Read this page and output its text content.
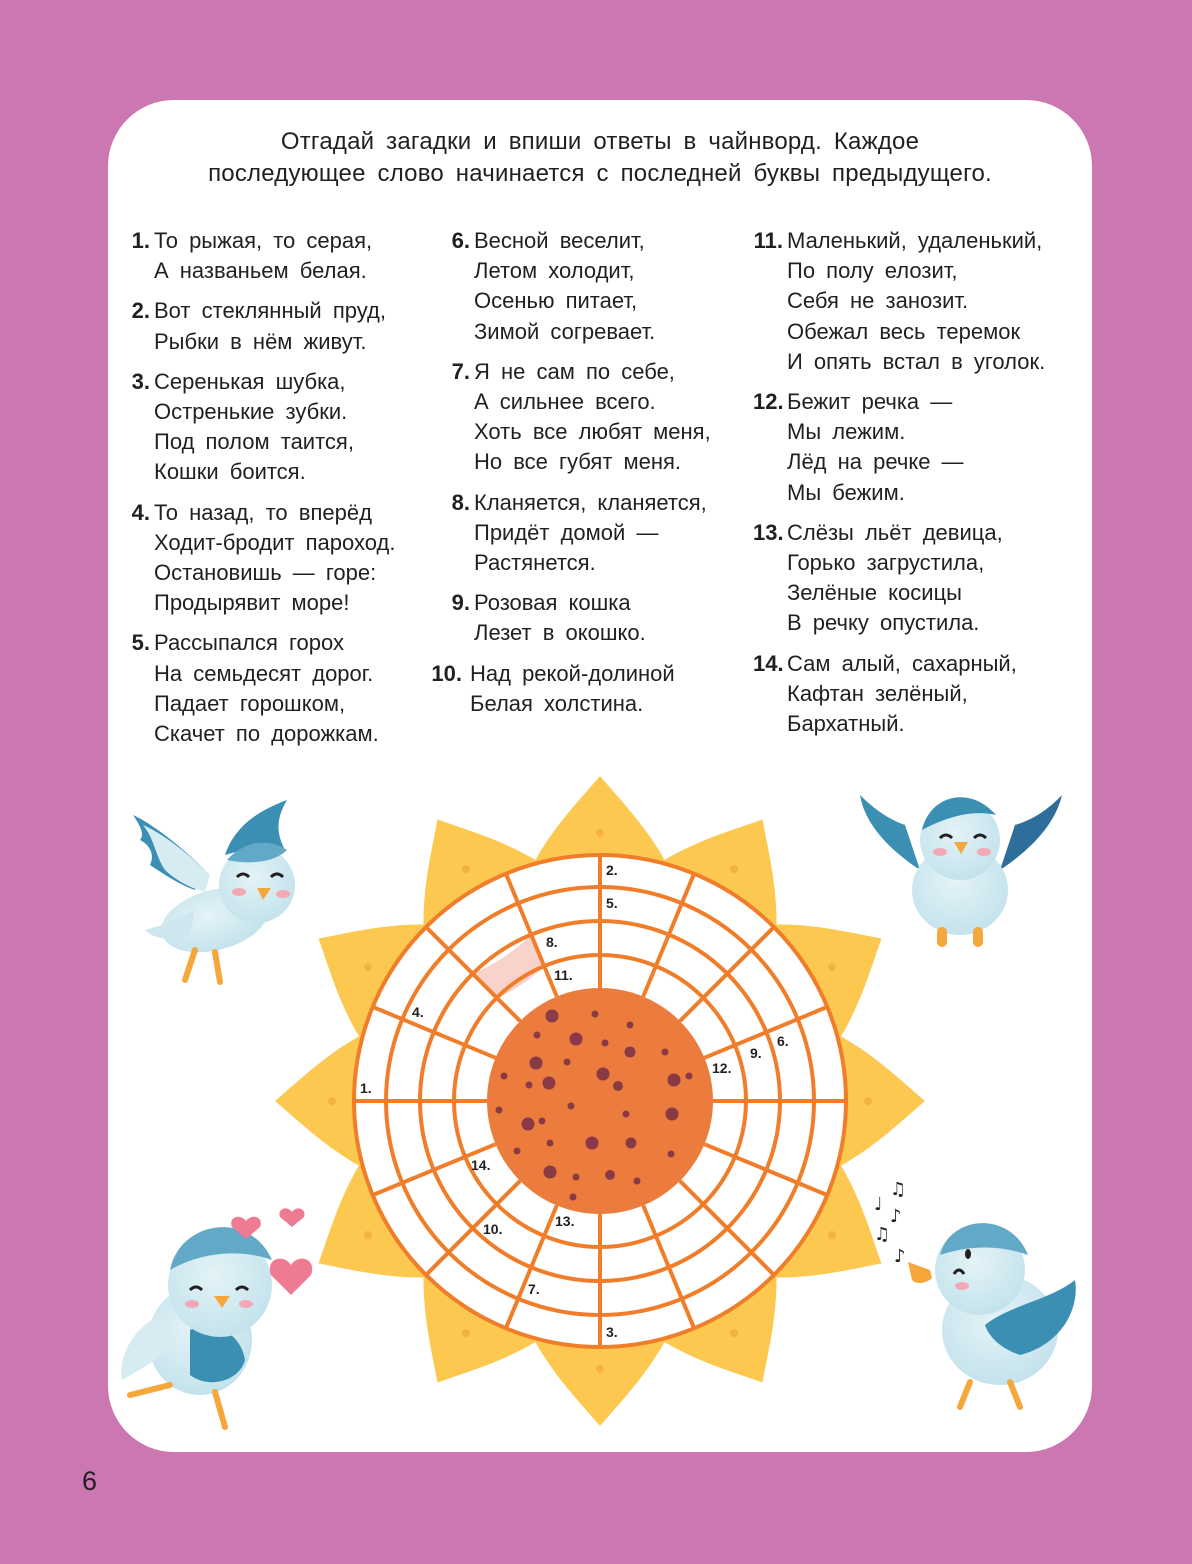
Отгадай загадки и впиши ответы в чайнворд. Каждое
последующее слово начинается с последней буквы предыдущего.
1. То рыжая, то серая,
А названьем белая.
2. Вот стеклянный пруд,
Рыбки в нём живут.
3. Серенькая шубка,
Остренькие зубки.
Под полом таится,
Кошки боится.
4. То назад, то вперёд
Ходит-бродит пароход.
Остановишь — горе:
Продырявит море!
5. Рассыпался горох
На семьдесят дорог.
Падает горошком,
Скачет по дорожкам.
6. Весной веселит,
Летом холодит,
Осенью питает,
Зимой согревает.
7. Я не сам по себе,
А сильнее всего.
Хоть все любят меня,
Но все губят меня.
8. Кланяется, кланяется,
Придёт домой —
Растянется.
9. Розовая кошка
Лезет в окошко.
10. Над рекой-долиной
Белая холстина.
11. Маленький, удаленький,
По полу елозит,
Себя не занозит.
Обежал весь теремок
И опять встал в уголок.
12. Бежит речка —
Мы лежим.
Лёд на речке —
Мы бежим.
13. Слёзы льёт девица,
Горько загрустила,
Зелёные косицы
В речку опустила.
14. Сам алый, сахарный,
Кафтан зелёный,
Бархатный.
1.
2.
3.
4.
5.
6.
7.
8.
9.
10.
11.
12.
13.
14.
♫
♩
♪
♫
♪
6
